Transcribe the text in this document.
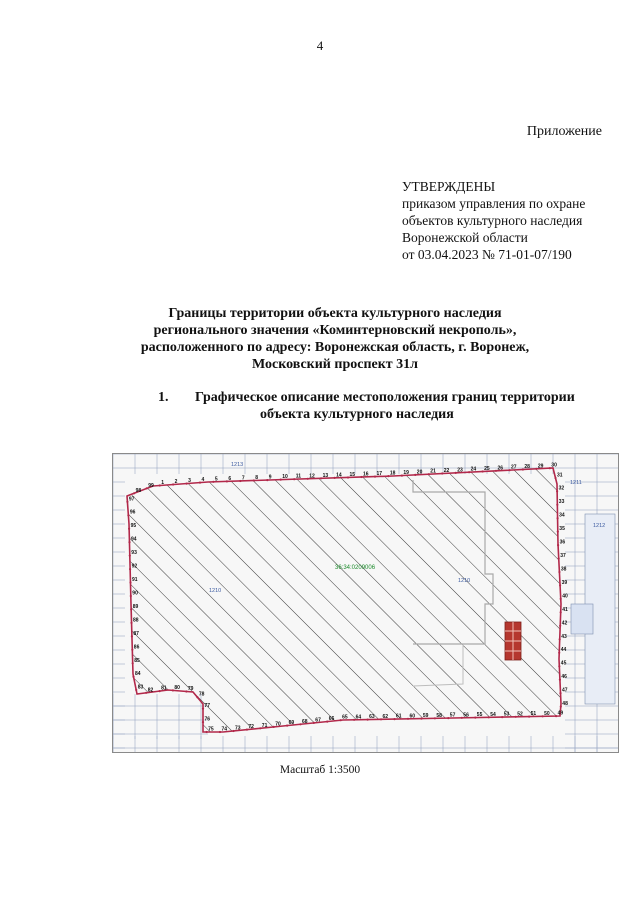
4
Приложение
УТВЕРЖДЕНЫ
приказом управления по охране
объектов культурного наследия
Воронежской области
от 03.04.2023 № 71-01-07/190
Границы территории объекта культурного наследия
регионального значения «Коминтерновский некрополь»,
расположенного по адресу: Воронежская область, г. Воронеж,
Московский проспект 31л
1. Графическое описание местоположения границ территории
объекта культурного наследия
36:34:0209006
1210
1210
1212
1211
1213
1 2 3 4 5 6 7 8 9 10 11 12 13 14 15 16 17 18 19 20 21 22 23 24 25 26 27 28 29 30
31
32
33
34
35
36
37
38
39
40
41
42
43
44
45
46
47
48
49
50
51
52
53
54
55
56
57
58
59
60
61
62
63
64
65
66
67
68
69
70
71
72
73
74
75
76
77
78
79
80
81
82
83
84
85
86
87
88
89
90
91
92
93
94
95
96
97
98
99
Масштаб 1:3500
